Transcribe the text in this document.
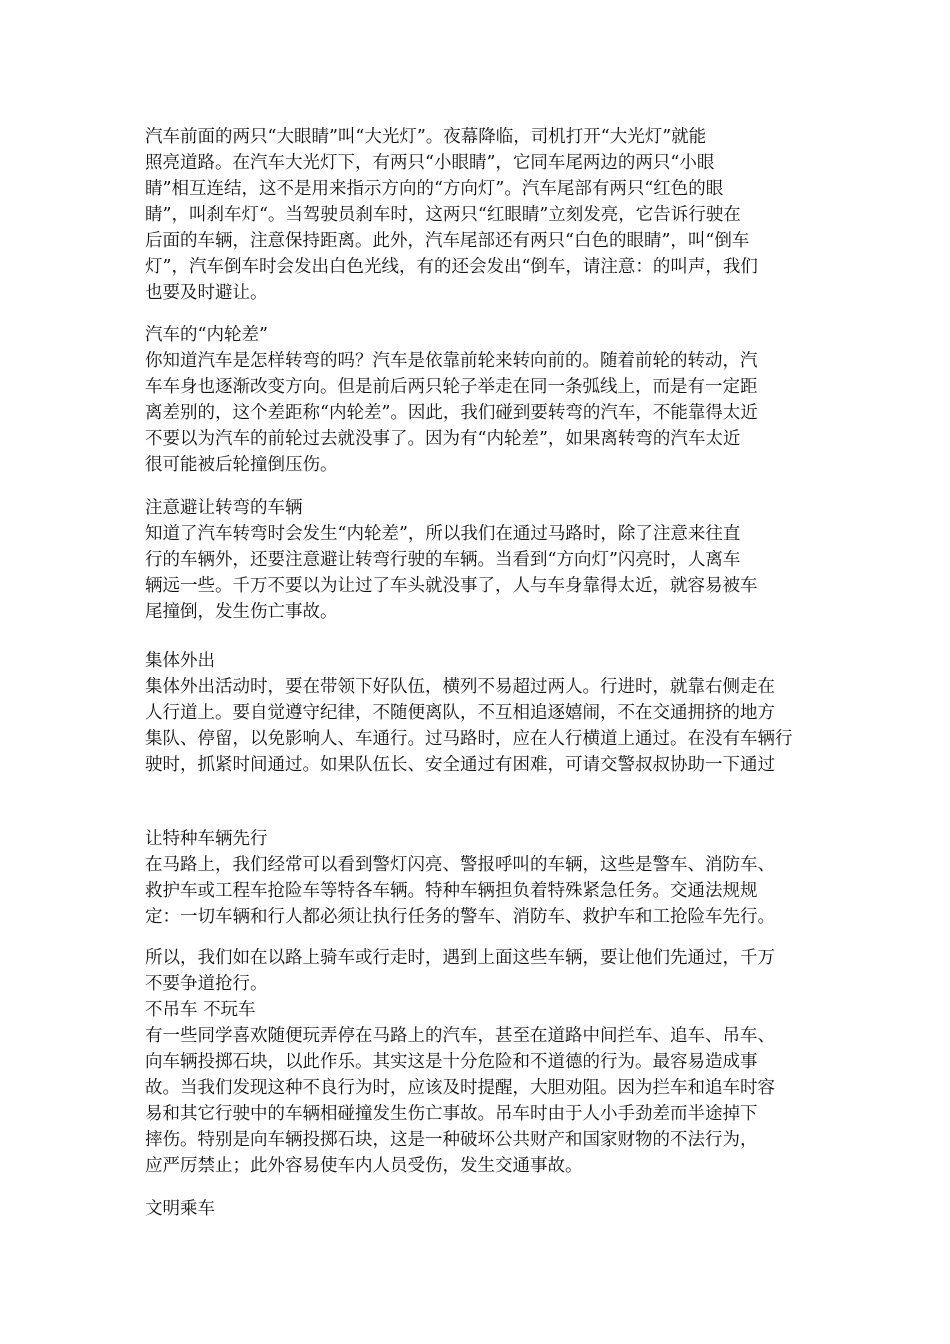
汽车前面的两只“大眼睛”叫“大光灯”。夜幕降临，司机打开“大光灯”就能
照亮道路。在汽车大光灯下，有两只“小眼睛”，它同车尾两边的两只“小眼
睛”相互连结，这不是用来指示方向的“方向灯”。汽车尾部有两只“红色的眼
睛”，叫刹车灯“。当驾驶员刹车时，这两只“红眼睛”立刻发亮，它告诉行驶在
后面的车辆，注意保持距离。此外，汽车尾部还有两只“白色的眼睛”，叫“倒车
灯”，汽车倒车时会发出白色光线，有的还会发出“倒车，请注意：的叫声，我们
也要及时避让。
汽车的“内轮差”
你知道汽车是怎样转弯的吗？汽车是依靠前轮来转向前的。随着前轮的转动，汽
车车身也逐渐改变方向。但是前后两只轮子举走在同一条弧线上，而是有一定距
离差别的，这个差距称“内轮差”。因此，我们碰到要转弯的汽车，不能靠得太近
不要以为汽车的前轮过去就没事了。因为有“内轮差”，如果离转弯的汽车太近
很可能被后轮撞倒压伤。
注意避让转弯的车辆
知道了汽车转弯时会发生“内轮差”，所以我们在通过马路时，除了注意来往直
行的车辆外，还要注意避让转弯行驶的车辆。当看到“方向灯”闪亮时，人离车
辆远一些。千万不要以为让过了车头就没事了，人与车身靠得太近，就容易被车
尾撞倒，发生伤亡事故。
集体外出
集体外出活动时，要在带领下好队伍，横列不易超过两人。行进时，就靠右侧走在
人行道上。要自觉遵守纪律，不随便离队，不互相追逐嬉闹，不在交通拥挤的地方
集队、停留，以免影响人、车通行。过马路时，应在人行横道上通过。在没有车辆行
驶时，抓紧时间通过。如果队伍长、安全通过有困难，可请交警叔叔协助一下通过
让特种车辆先行
在马路上，我们经常可以看到警灯闪亮、警报呼叫的车辆，这些是警车、消防车、
救护车或工程车抢险车等特各车辆。特种车辆担负着特殊紧急任务。交通法规规
定：一切车辆和行人都必须让执行任务的警车、消防车、救护车和工抢险车先行。
所以，我们如在以路上骑车或行走时，遇到上面这些车辆，要让他们先通过，千万
不要争道抢行。
不吊车 不玩车
有一些同学喜欢随便玩弄停在马路上的汽车，甚至在道路中间拦车、追车、吊车、
向车辆投掷石块，以此作乐。其实这是十分危险和不道德的行为。最容易造成事
故。当我们发现这种不良行为时，应该及时提醒，大胆劝阻。因为拦车和追车时容
易和其它行驶中的车辆相碰撞发生伤亡事故。吊车时由于人小手劲差而半途掉下
摔伤。特别是向车辆投掷石块，这是一种破坏公共财产和国家财物的不法行为，
应严厉禁止；此外容易使车内人员受伤，发生交通事故。
文明乘车
